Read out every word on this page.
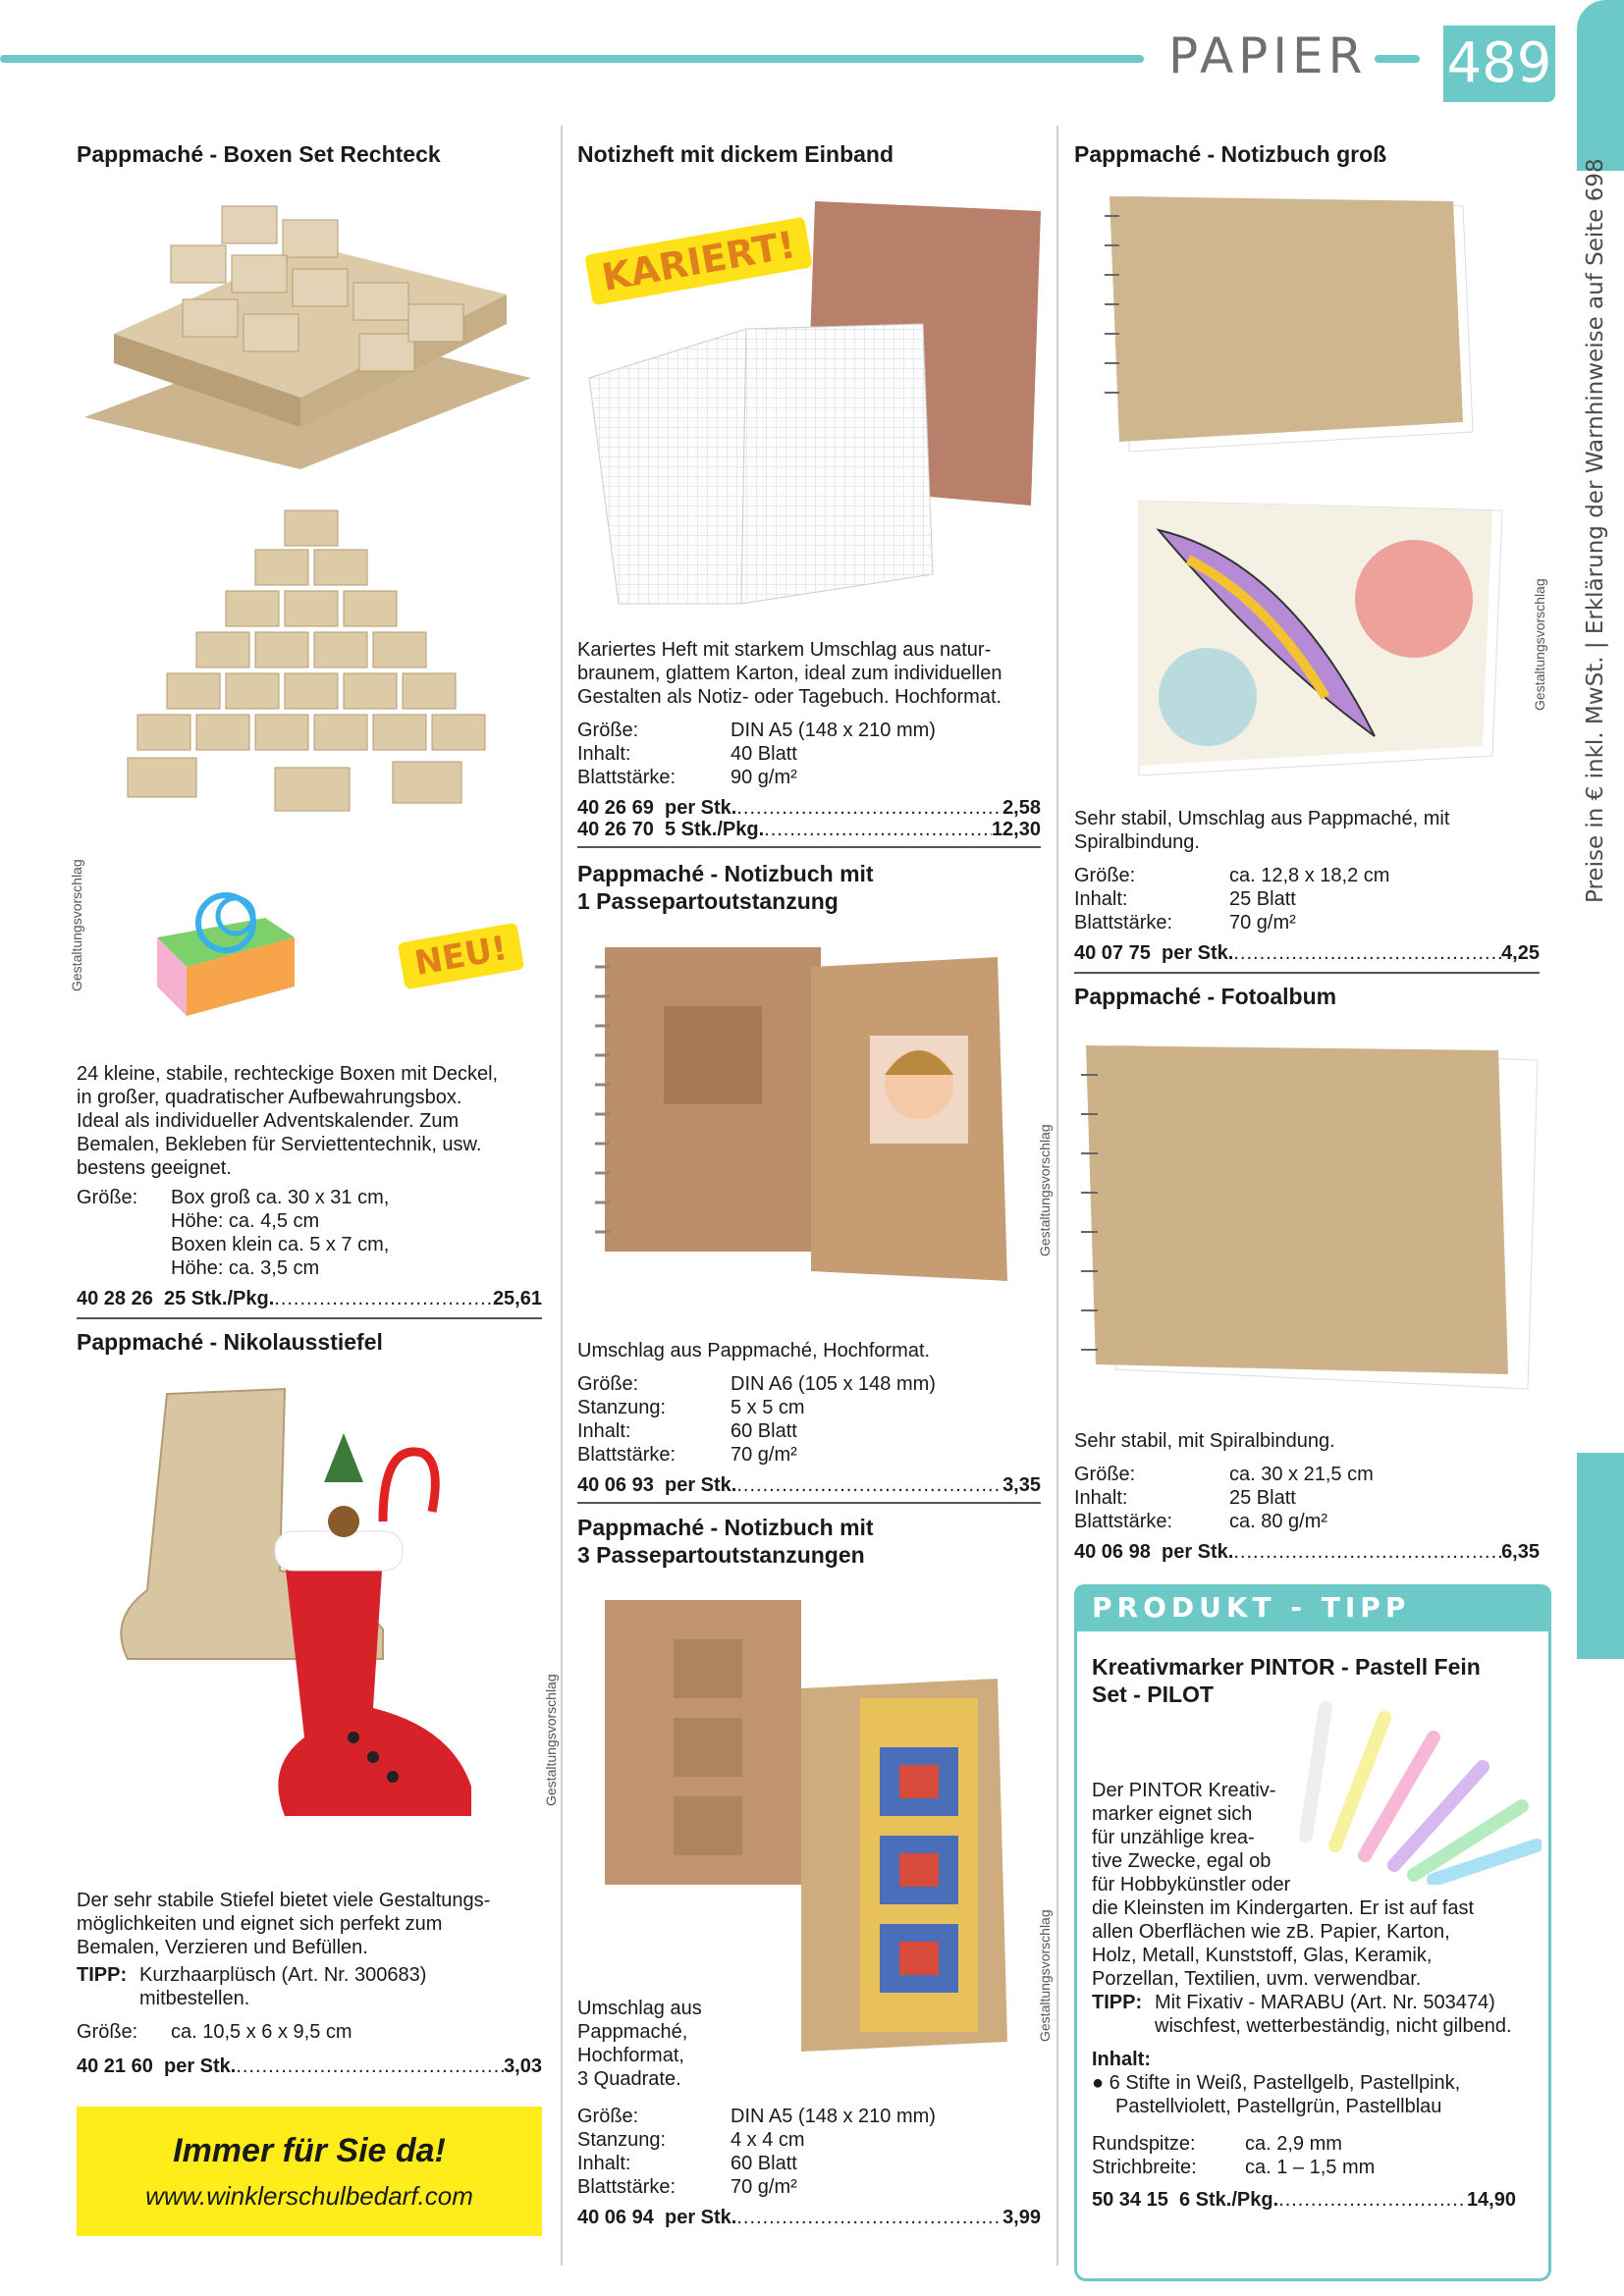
PAPIER 489
Preise in € inkl. MwSt. | Erklärung der Warnhinweise auf Seite 698
Pappmaché - Boxen Set Rechteck
Gestaltungsvorschlag	NEU!
24 kleine, stabile, rechteckige Boxen mit Deckel,
in großer, quadratischer Aufbewahrungsbox.
Ideal als individueller Adventskalender. Zum
Bemalen, Bekleben für Serviettentechnik, usw.
bestens geeignet.
Größe:	Box groß ca. 30 x 31 cm,
Höhe: ca. 4,5 cm
Boxen klein ca. 5 x 7 cm,
Höhe: ca. 3,5 cm
40 28 26
25 Stk./Pkg. .....	25,61
Pappmaché - Nikolausstiefel
Gestaltungsvorschlag
Der sehr stabile Stiefel bietet viele Gestaltungs-
möglichkeiten und eignet sich perfekt zum
Bemalen, Verzieren und Befüllen.
TIPP: Kurzhaarplüsch (Art. Nr. 300683)
mitbestellen.
Größe:	ca. 10,5 x 6 x 9,5 cm
40 21 60
per Stk. .....	3,03
Immer für Sie da!
www.winklerschulbedarf.com
Notizheft mit dickem Einband
KARIERT!
Kariertes Heft mit starkem Umschlag aus natur-
braunem, glattem Karton, ideal zum individuellen
Gestalten als Notiz- oder Tagebuch. Hochformat.
Größe:	DIN A5 (148 x 210 mm)
Inhalt:	40 Blatt
Blattstärke:	90 g/m²
40 26 69
per Stk. .....	2,58
40 26 70
5 Stk./Pkg. .....	12,30
Pappmaché - Notizbuch mit
1 Passepartoutstanzung
Gestaltungsvorschlag
Umschlag aus Pappmaché, Hochformat.
Größe:	DIN A6 (105 x 148 mm)
Stanzung:	5 x 5 cm
Inhalt:	60 Blatt
Blattstärke:	70 g/m²
40 06 93
per Stk. .....	3,35
Pappmaché - Notizbuch mit
3 Passepartoutstanzungen
Gestaltungsvorschlag
Umschlag aus
Pappmaché,
Hochformat,
3 Quadrate.
Größe:	DIN A5 (148 x 210 mm)
Stanzung:	4 x 4 cm
Inhalt:	60 Blatt
Blattstärke:	70 g/m²
40 06 94
per Stk. .....	3,99
Pappmaché - Notizbuch groß
Gestaltungsvorschlag
Sehr stabil, Umschlag aus Pappmaché, mit
Spiralbindung.
Größe:	ca. 12,8 x 18,2 cm
Inhalt:	25 Blatt
Blattstärke:	70 g/m²
40 07 75
per Stk. .....	4,25
Pappmaché - Fotoalbum
Sehr stabil, mit Spiralbindung.
Größe:	ca. 30 x 21,5 cm
Inhalt:	25 Blatt
Blattstärke:	ca. 80 g/m²
40 06 98
per Stk. .....	6,35
PRODUKT - TIPP
Kreativmarker PINTOR - Pastell Fein
Set - PILOT
Der PINTOR Kreativ-
marker eignet sich
für unzählige krea-
tive Zwecke, egal ob
für Hobbykünstler oder
die Kleinsten im Kindergarten. Er ist auf fast
allen Oberflächen wie zB. Papier, Karton,
Holz, Metall, Kunststoff, Glas, Keramik,
Porzellan, Textilien, uvm. verwendbar.
TIPP: Mit Fixativ - MARABU (Art. Nr. 503474)
wischfest, wetterbeständig, nicht gilbend.
Inhalt:
● 6 Stifte in Weiß, Pastellgelb, Pastellpink,
Pastellviolett, Pastellgrün, Pastellblau
Rundspitze:	ca. 2,9 mm
Strichbreite:	ca. 1 – 1,5 mm
50 34 15
6 Stk./Pkg. .....	14,90
